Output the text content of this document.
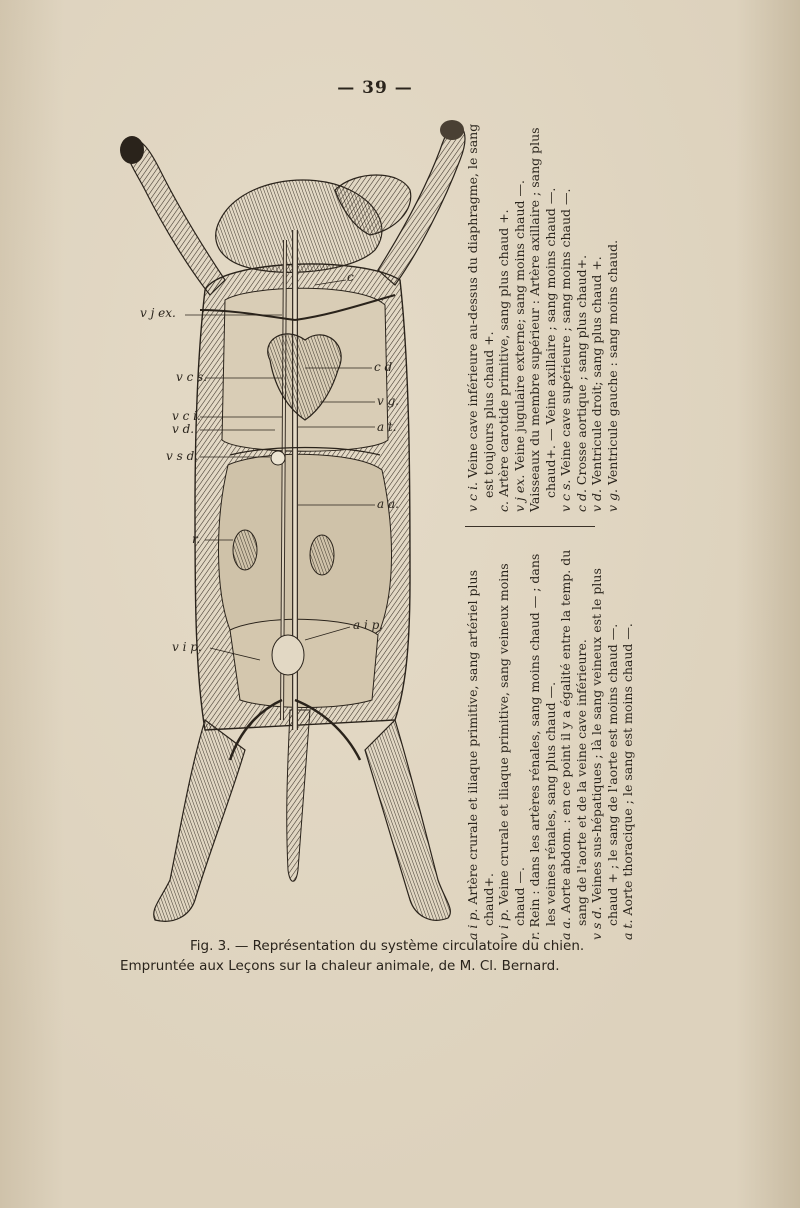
— 39 —
v j ex.
c
c d
v c s.
v g.
v c i.
v d.	a t.
v s d.
a a.
r.
a i p.
v i p.

a i p. Artère crurale et iliaque primitive, sang artériel plus chaud+. v i p. Veine crurale et iliaque primitive, sang veineux moins chaud —.

r. Rein : dans les artères rénales, sang moins chaud — ; dans les veines rénales, sang plus chaud —.

a a. Aorte abdom. : en ce point il y a égalité entre la temp. du sang de l'aorte et de la veine cave inférieure. v s d. Veines sus-hépatiques ; là le sang veineux est le plus chaud + ; le sang de l'aorte est moins chaud —.

a t. Aorte thoracique ; le sang est moins chaud —.

v c i. Veine cave inférieure au-dessus du diaphragme, le sang est toujours plus chaud +.

c. Artère carotide primitive, sang plus chaud +. v j ex. Veine jugulaire externe; sang moins chaud —. Vaisseaux du membre supérieur : Artère axillaire ; sang plus chaud+. — Veine axillaire ; sang moins chaud —. v c s. Veine cave supérieure ; sang moins chaud —.

c d. Crosse aortique ; sang plus chaud+.

v d. Ventricule droit; sang plus chaud +.

v g. Ventricule gauche : sang moins chaud.

Fig. 3. — Représentation du système circulatoire du chien.
Empruntée aux Leçons sur la chaleur animale, de M. Cl. Bernard.
